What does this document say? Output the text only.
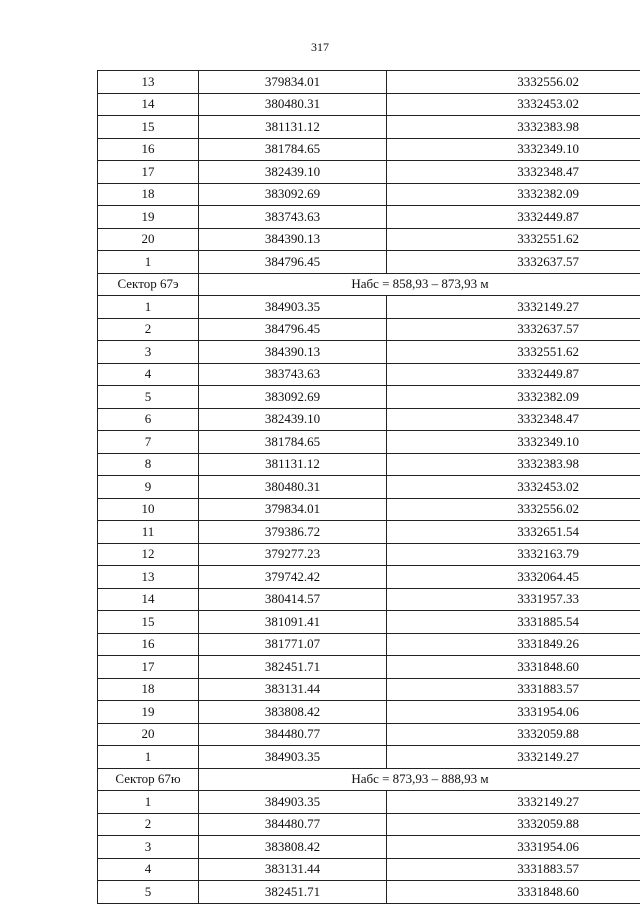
317
13	379834.01	3332556.02
14	380480.31	3332453.02
15	381131.12	3332383.98
16	381784.65	3332349.10
17	382439.10	3332348.47
18	383092.69	3332382.09
19	383743.63	3332449.87
20	384390.13	3332551.62
1	384796.45	3332637.57
Сектор 67э	Набс = 858,93 – 873,93 м	
1	384903.35	3332149.27
2	384796.45	3332637.57
3	384390.13	3332551.62
4	383743.63	3332449.87
5	383092.69	3332382.09
6	382439.10	3332348.47
7	381784.65	3332349.10
8	381131.12	3332383.98
9	380480.31	3332453.02
10	379834.01	3332556.02
11	379386.72	3332651.54
12	379277.23	3332163.79
13	379742.42	3332064.45
14	380414.57	3331957.33
15	381091.41	3331885.54
16	381771.07	3331849.26
17	382451.71	3331848.60
18	383131.44	3331883.57
19	383808.42	3331954.06
20	384480.77	3332059.88
1	384903.35	3332149.27
Сектор 67ю	Набс = 873,93 – 888,93 м	
1	384903.35	3332149.27
2	384480.77	3332059.88
3	383808.42	3331954.06
4	383131.44	3331883.57
5	382451.71	3331848.60
